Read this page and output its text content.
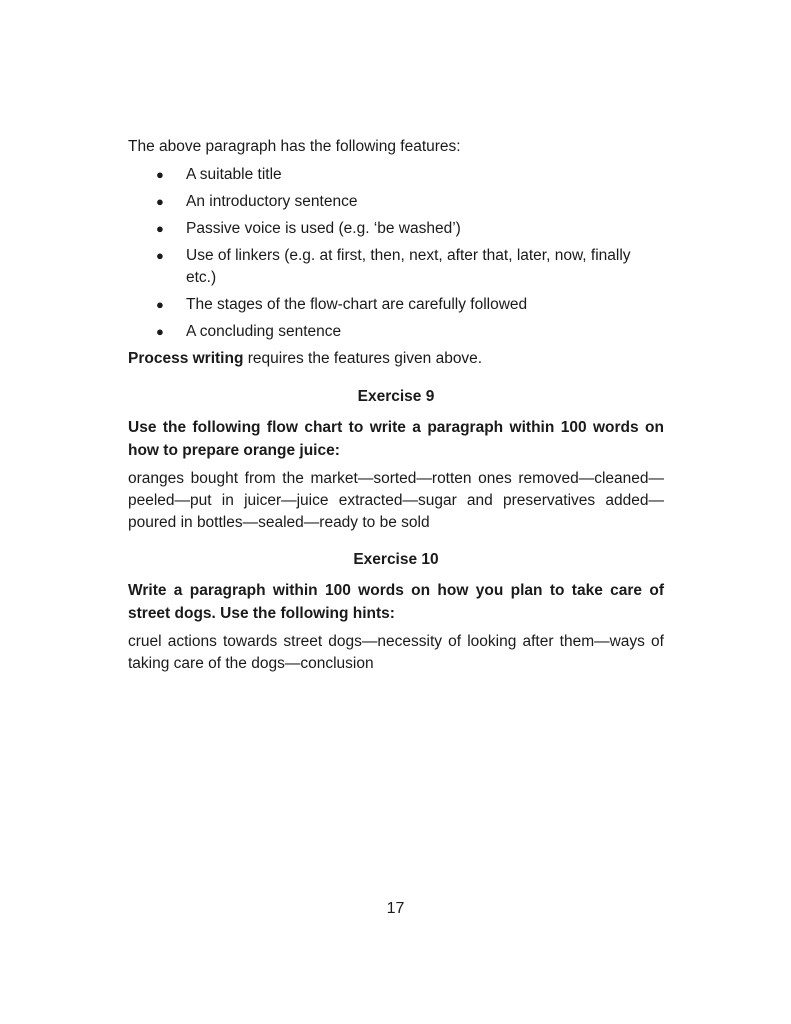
The above paragraph has the following features:

● A suitable title
● An introductory sentence
● Passive voice is used (e.g. ‘be washed’)
● Use of linkers (e.g. at first, then, next, after that, later, now, finally etc.)
● The stages of the flow-chart are carefully followed
● A concluding sentence

Process writing requires the features given above.

Exercise 9

Use the following flow chart to write a paragraph within 100 words on how to prepare orange juice:

oranges bought from the market—sorted—rotten ones removed—cleaned—peeled—put in juicer—juice extracted—sugar and preservatives added—poured in bottles—sealed—ready to be sold

Exercise 10

Write a paragraph within 100 words on how you plan to take care of street dogs. Use the following hints:

cruel actions towards street dogs—necessity of looking after them—ways of taking care of the dogs—conclusion

17
